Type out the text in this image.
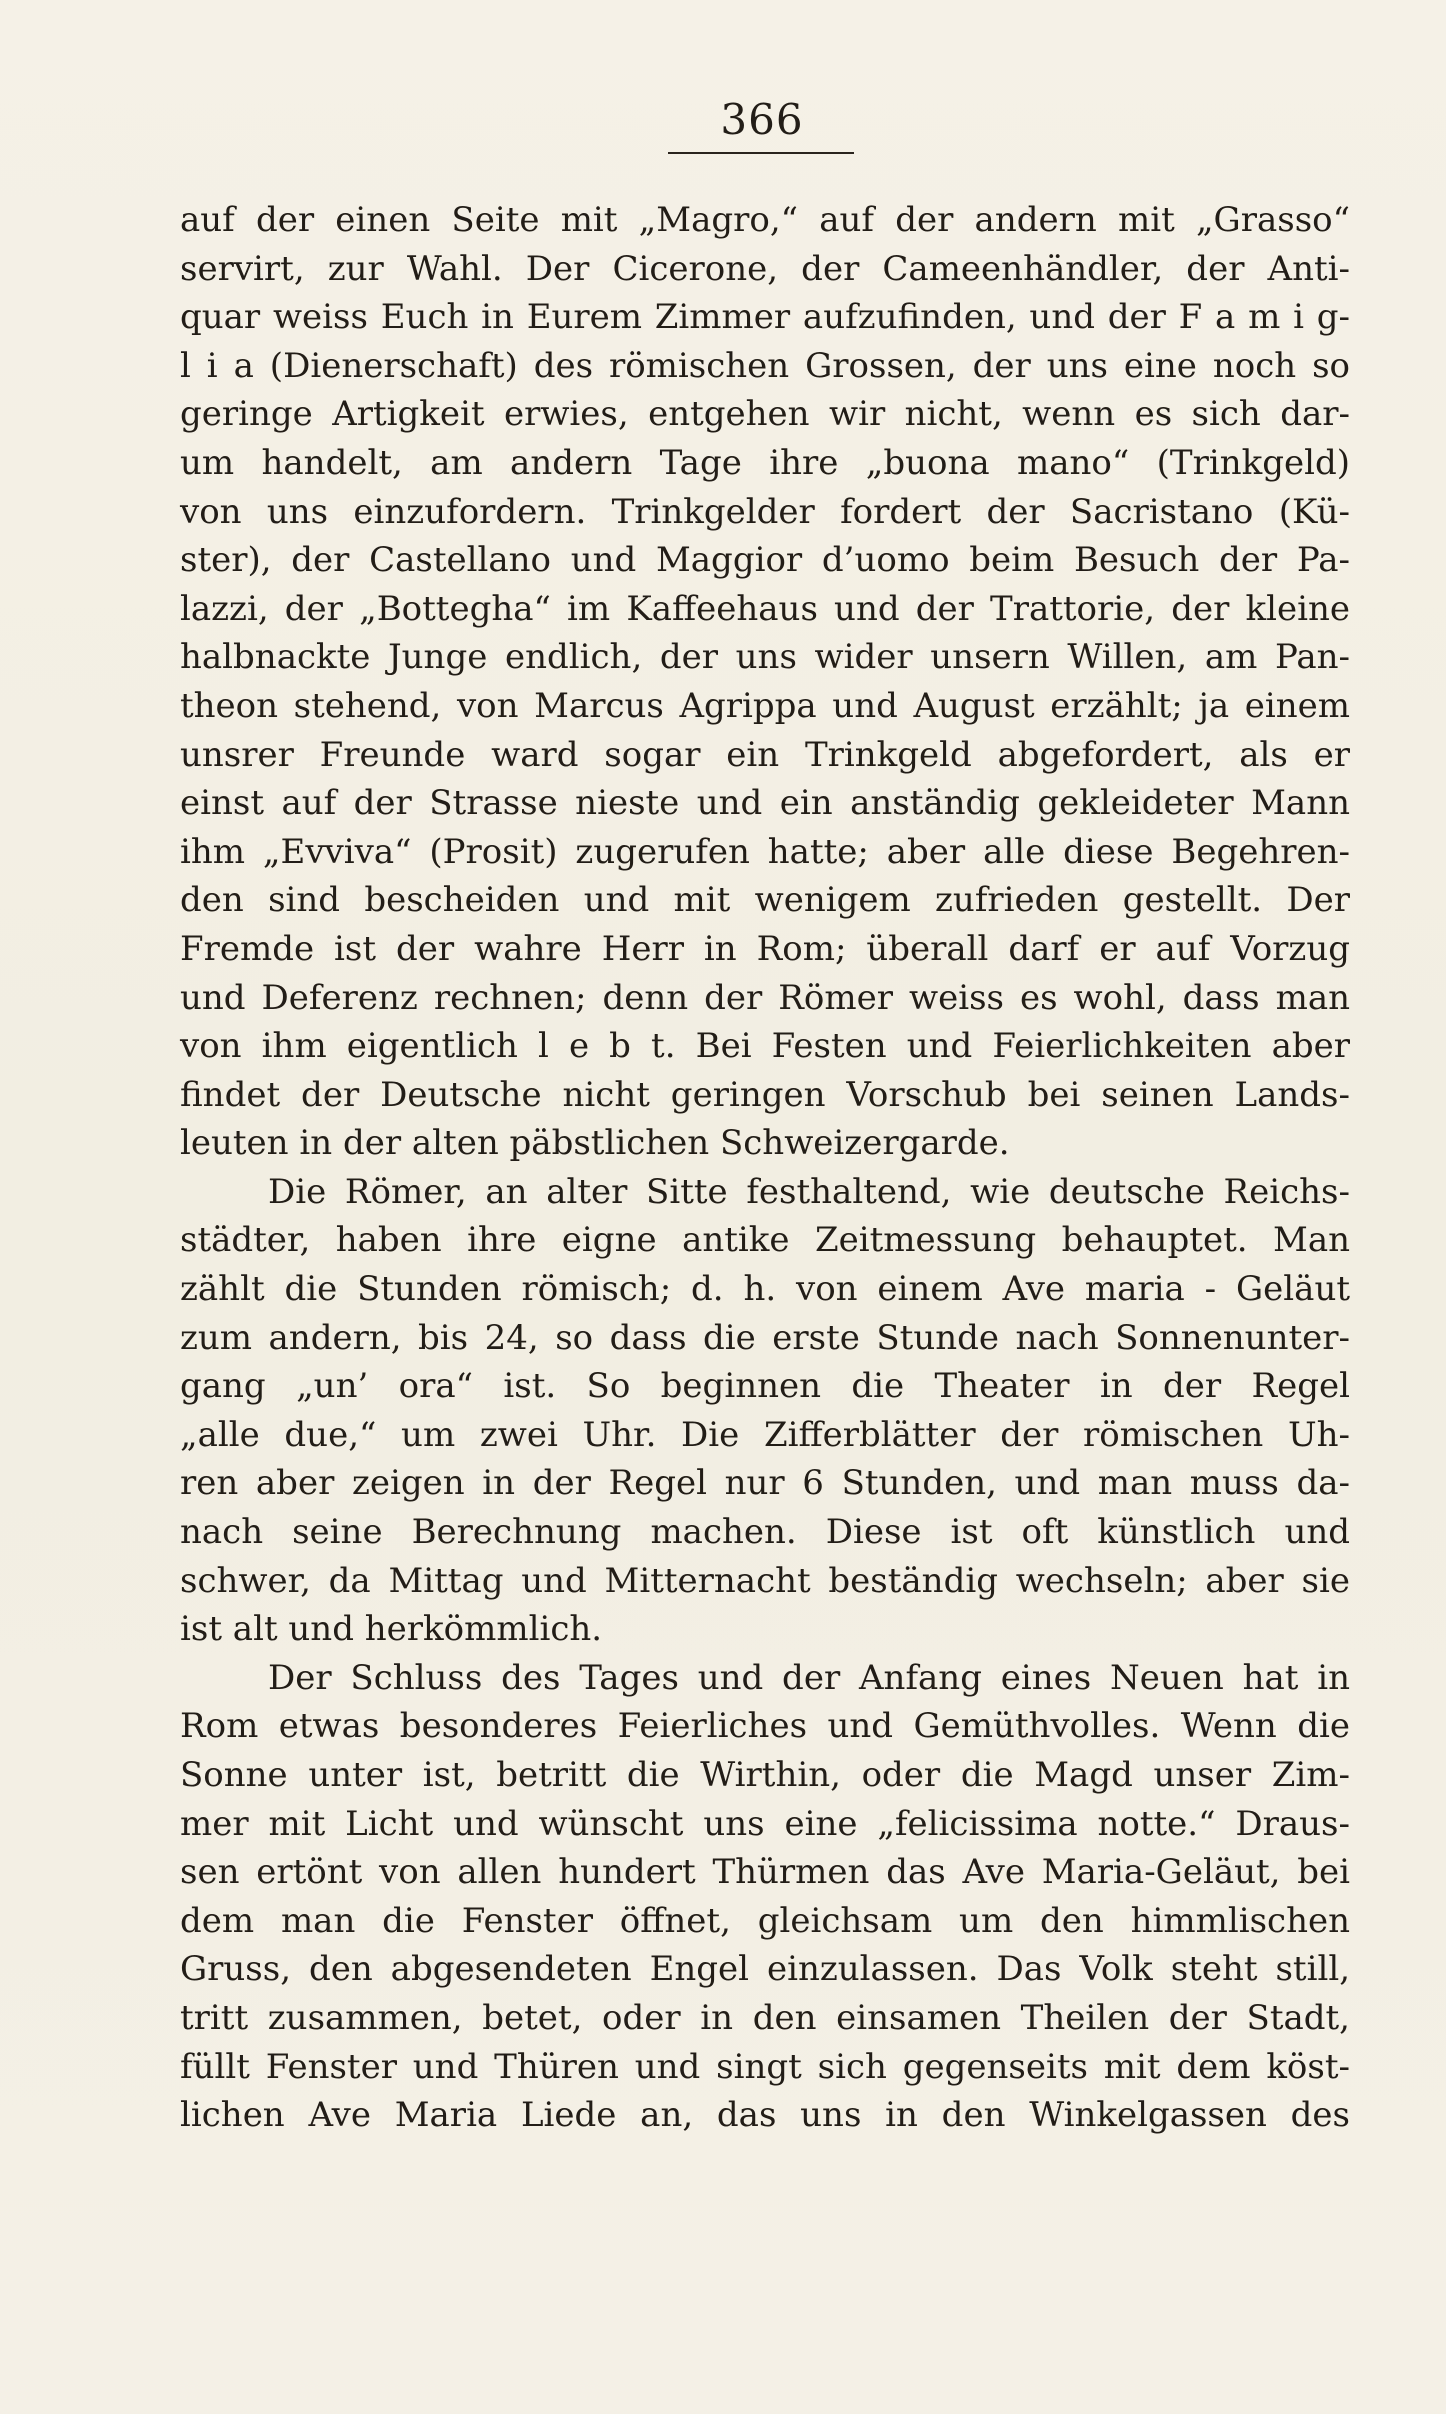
366
auf der einen Seite mit „Magro,“ auf der andern mit „Grasso“
servirt, zur Wahl. Der Cicerone, der Cameenhändler, der Anti-
quar weiss Euch in Eurem Zimmer aufzufinden, und der F a m i g-
l i a (Dienerschaft) des römischen Grossen, der uns eine noch so
geringe Artigkeit erwies, entgehen wir nicht, wenn es sich dar-
um handelt, am andern Tage ihre „buona mano“ (Trinkgeld)
von uns einzufordern. Trinkgelder fordert der Sacristano (Kü-
ster), der Castellano und Maggior d’uomo beim Besuch der Pa-
lazzi, der „Bottegha“ im Kaffeehaus und der Trattorie, der kleine
halbnackte Junge endlich, der uns wider unsern Willen, am Pan-
theon stehend, von Marcus Agrippa und August erzählt; ja einem
unsrer Freunde ward sogar ein Trinkgeld abgefordert, als er
einst auf der Strasse nieste und ein anständig gekleideter Mann
ihm „Evviva“ (Prosit) zugerufen hatte; aber alle diese Begehren-
den sind bescheiden und mit wenigem zufrieden gestellt. Der
Fremde ist der wahre Herr in Rom; überall darf er auf Vorzug
und Deferenz rechnen; denn der Römer weiss es wohl, dass man
von ihm eigentlich l e b t. Bei Festen und Feierlichkeiten aber
findet der Deutsche nicht geringen Vorschub bei seinen Lands-
leuten in der alten päbstlichen Schweizergarde.
Die Römer, an alter Sitte festhaltend, wie deutsche Reichs-
städter, haben ihre eigne antike Zeitmessung behauptet. Man
zählt die Stunden römisch; d. h. von einem Ave maria - Geläut
zum andern, bis 24, so dass die erste Stunde nach Sonnenunter-
gang „un’ ora“ ist. So beginnen die Theater in der Regel
„alle due,“ um zwei Uhr. Die Zifferblätter der römischen Uh-
ren aber zeigen in der Regel nur 6 Stunden, und man muss da-
nach seine Berechnung machen. Diese ist oft künstlich und
schwer, da Mittag und Mitternacht beständig wechseln; aber sie
ist alt und herkömmlich.
Der Schluss des Tages und der Anfang eines Neuen hat in
Rom etwas besonderes Feierliches und Gemüthvolles. Wenn die
Sonne unter ist, betritt die Wirthin, oder die Magd unser Zim-
mer mit Licht und wünscht uns eine „felicissima notte.“ Draus-
sen ertönt von allen hundert Thürmen das Ave Maria-Geläut, bei
dem man die Fenster öffnet, gleichsam um den himmlischen
Gruss, den abgesendeten Engel einzulassen. Das Volk steht still,
tritt zusammen, betet, oder in den einsamen Theilen der Stadt,
füllt Fenster und Thüren und singt sich gegenseits mit dem köst-
lichen Ave Maria Liede an, das uns in den Winkelgassen des
